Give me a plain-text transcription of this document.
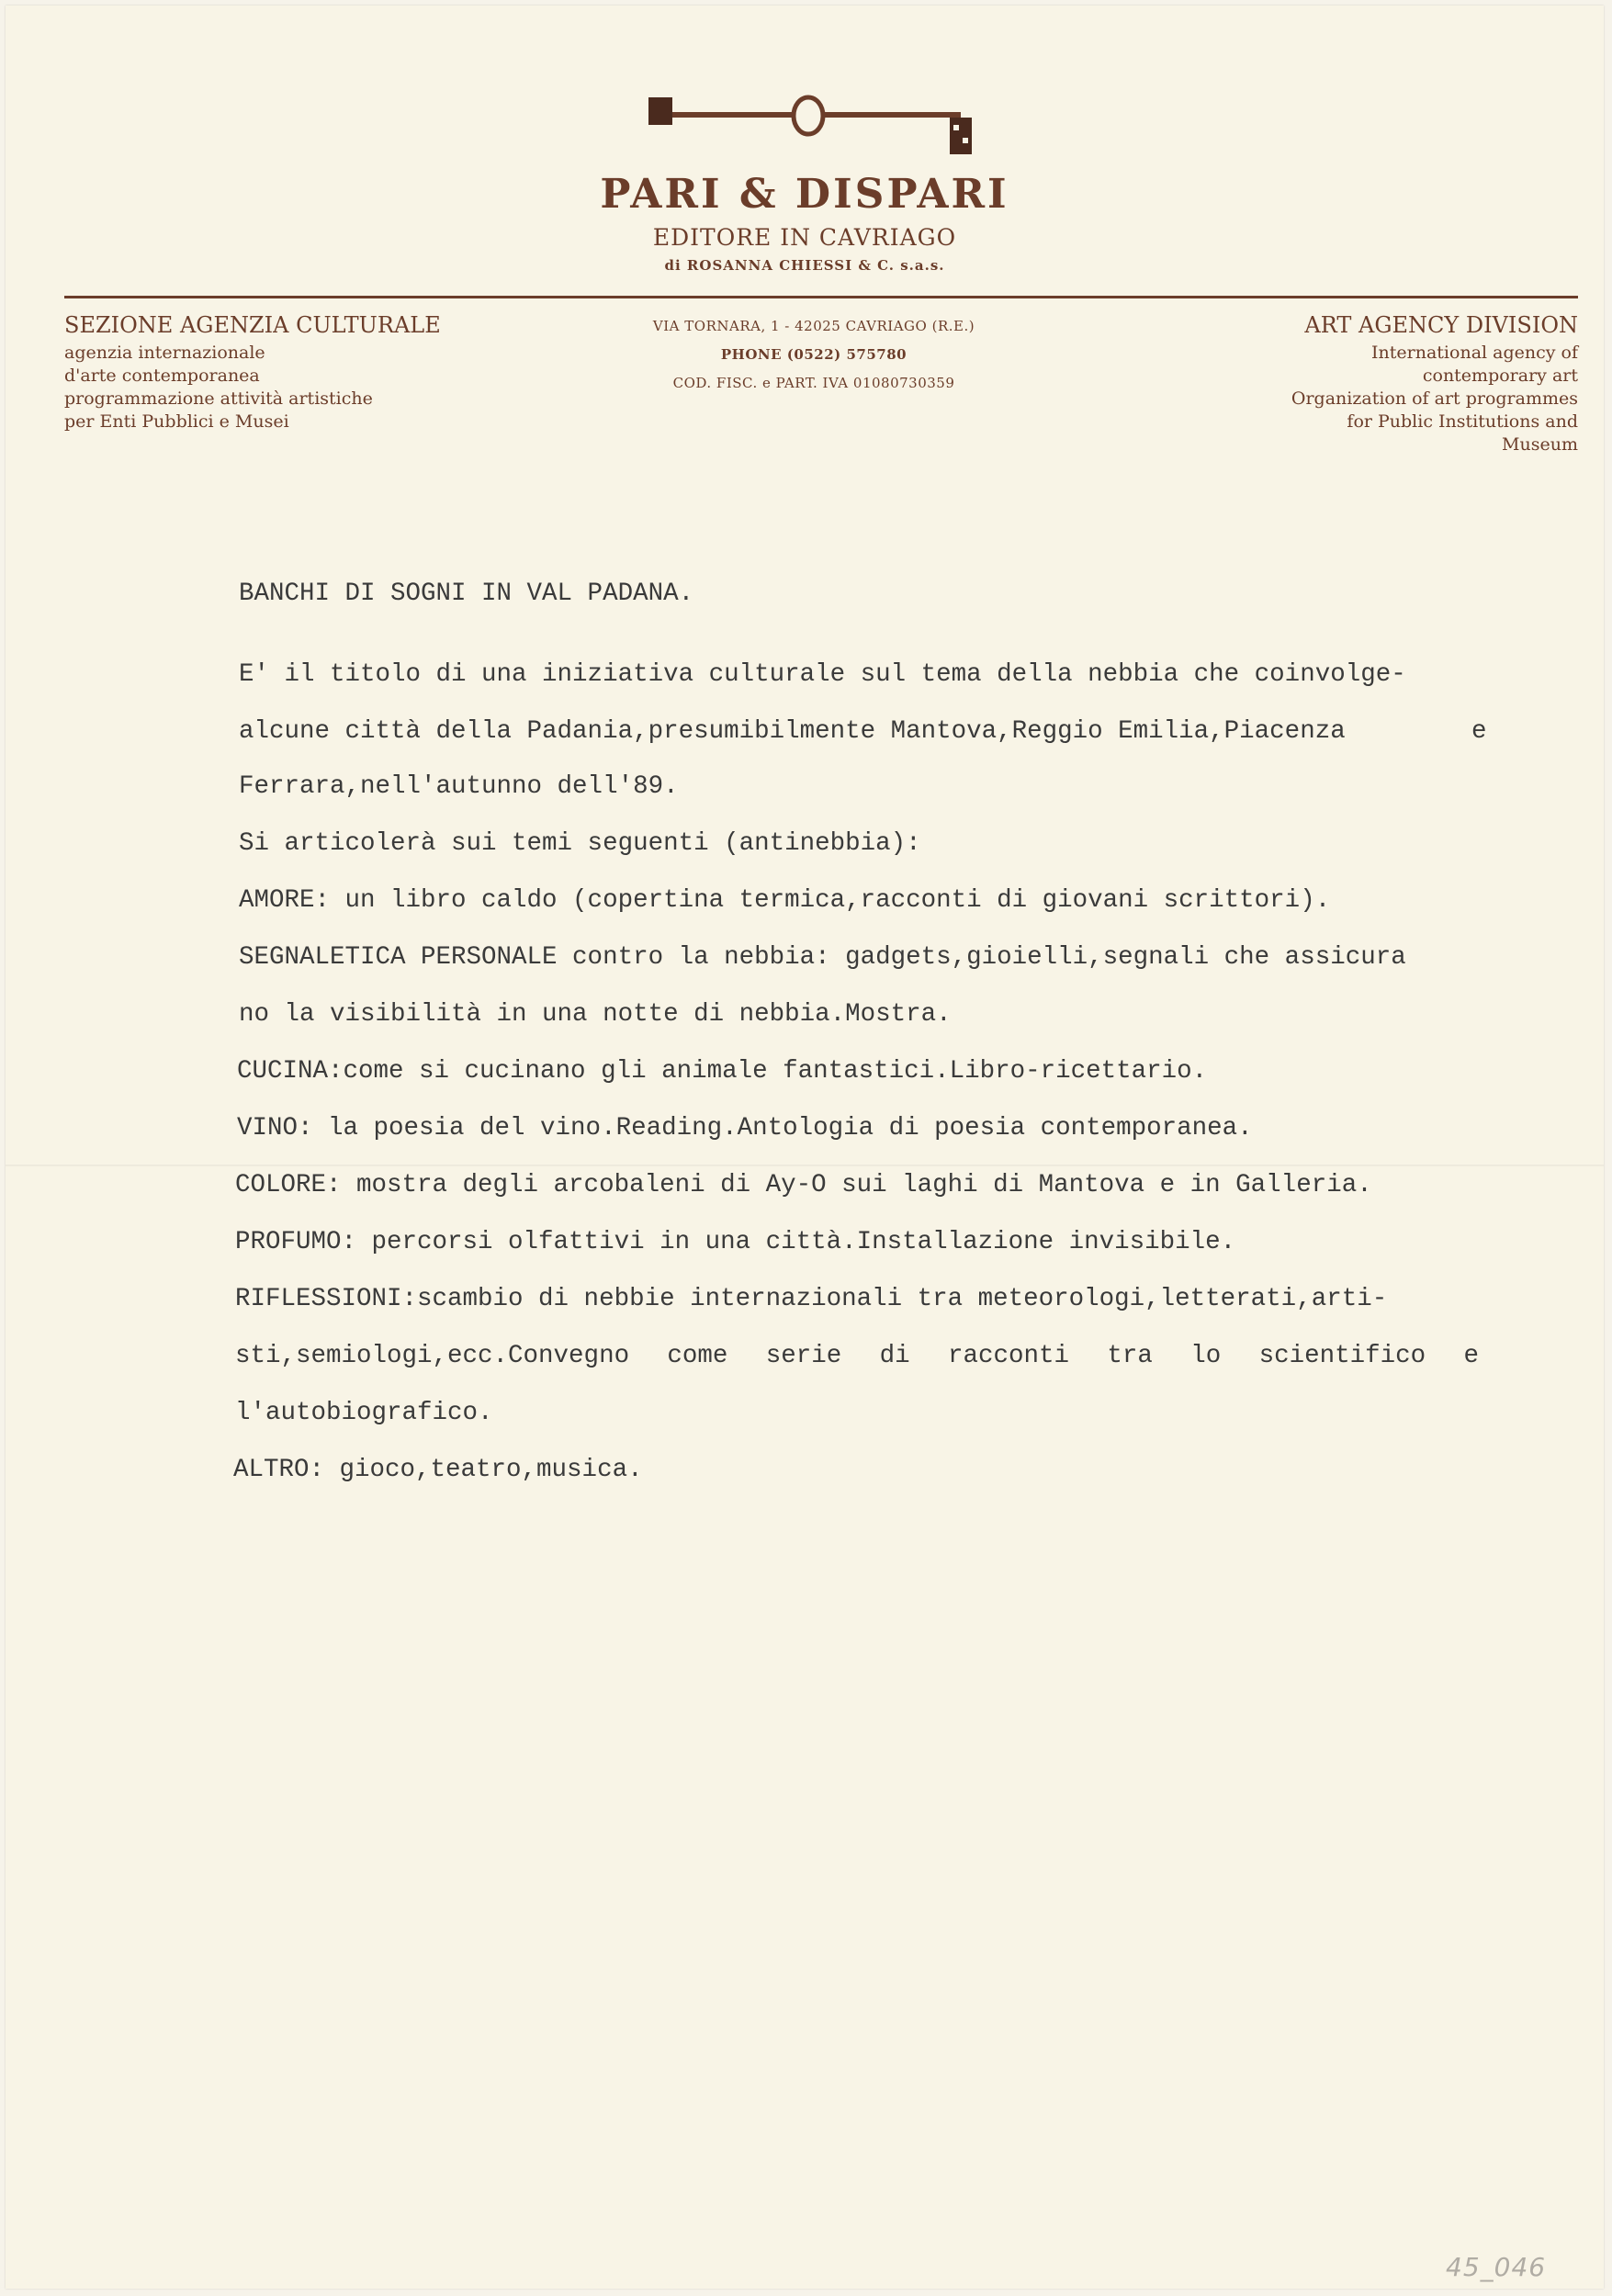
PARI & DISPARI
EDITORE IN CAVRIAGO
di ROSANNA CHIESSI & C. s.a.s.
SEZIONE AGENZIA CULTURALE
agenzia internazionale
d'arte contemporanea
programmazione attività artistiche
per Enti Pubblici e Musei
VIA TORNARA, 1 - 42025 CAVRIAGO (R.E.)
PHONE (0522) 575780
COD. FISC. e PART. IVA 01080730359
ART AGENCY DIVISION
International agency of
contemporary art
Organization of art programmes
for Public Institutions and
Museum
BANCHI DI SOGNI IN VAL PADANA.
E' il titolo di una iniziativa culturale sul tema della nebbia che coinvolge-
alcune città della Padania,presumibilmente Mantova,Reggio Emilia,Piacenza	e
Ferrara,nell'autunno dell'89.
Si articolerà sui temi seguenti (antinebbia):
AMORE: un libro caldo (copertina termica,racconti di giovani scrittori).
SEGNALETICA PERSONALE contro la nebbia: gadgets,gioielli,segnali che assicura
no la visibilità in una notte di nebbia.Mostra.
CUCINA:come si cucinano gli animale fantastici.Libro-ricettario.
VINO: la poesia del vino.Reading.Antologia di poesia contemporanea.
COLORE: mostra degli arcobaleni di Ay-O sui laghi di Mantova e in Galleria.
PROFUMO: percorsi olfattivi in una città.Installazione invisibile.
RIFLESSIONI:scambio di nebbie internazionali tra meteorologi,letterati,arti-
sti,semiologi,ecc.Convegno come serie di racconti tra lo scientifico e
l'autobiografico.
ALTRO: gioco,teatro,musica.
45_046
